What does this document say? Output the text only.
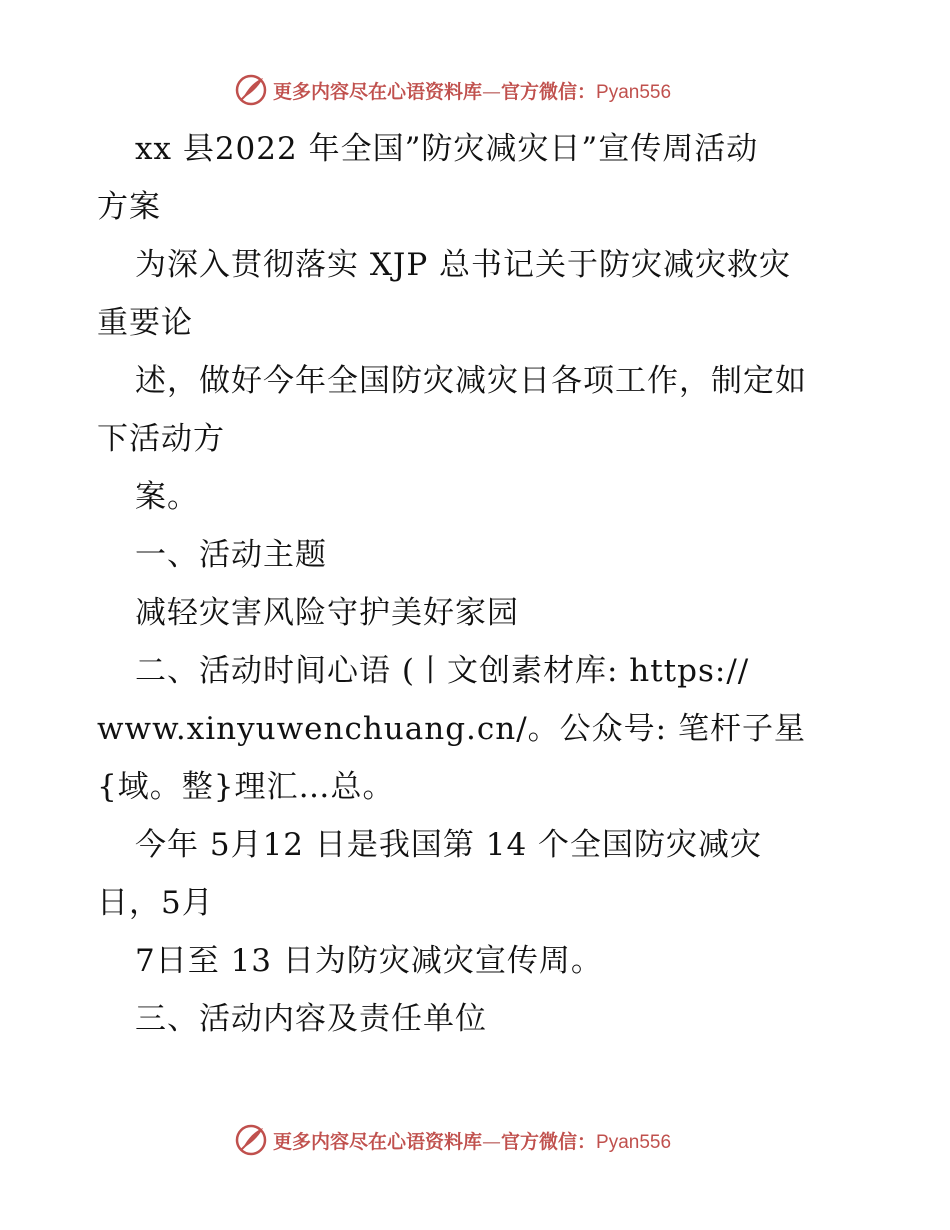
更多内容尽在心语资料库—官方微信：Pyan556
xx 县2022 年全国”防灾减灾日”宣传周活动
方案
为深入贯彻落实 XJP 总书记关于防灾减灾救灾
重要论
述，做好今年全国防灾减灾日各项工作，制定如
下活动方
案。
一、活动主题
减轻灾害风险守护美好家园
二、活动时间心语 (丨文创素材库: https://
www.xinyuwenchuang.cn/。公众号: 笔杆子星
{域。整}理汇…总。
今年 5月12 日是我国第 14 个全国防灾减灾
日，5月
7日至 13 日为防灾减灾宣传周。
三、活动内容及责任单位
更多内容尽在心语资料库—官方微信：Pyan556
